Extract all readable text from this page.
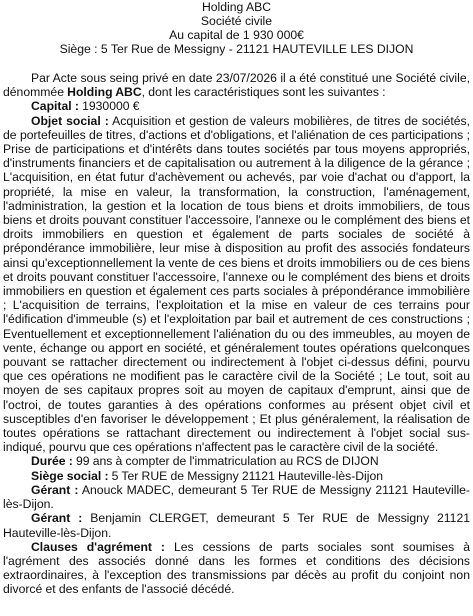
Holding ABC
Société civile
Au capital de 1 930 000€
Siège : 5 Ter Rue de Messigny - 21121 HAUTEVILLE LES DIJON

Par Acte sous seing privé en date 23/07/2026 il a été constitué une Société civile, dénommée Holding ABC, dont les caractéristiques sont les suivantes :

Capital : 1930000 €

Objet social : Acquisition et gestion de valeurs mobilières, de titres de sociétés, de portefeuilles de titres, d'actions et d'obligations, et l'aliénation de ces participations ; Prise de participations et d'intérêts dans toutes sociétés par tous moyens appropriés, d'instruments financiers et de capitalisation ou autrement à la diligence de la gérance ; L'acquisition, en état futur d'achèvement ou achevés, par voie d'achat ou d'apport, la propriété, la mise en valeur, la transformation, la construction, l'aménagement, l'administration, la gestion et la location de tous biens et droits immobiliers, de tous biens et droits pouvant constituer l'accessoire, l'annexe ou le complément des biens et droits immobiliers en question et également de parts sociales de société à prépondérance immobilière, leur mise à disposition au profit des associés fondateurs ainsi qu'exceptionnellement la vente de ces biens et droits immobiliers ou de ces biens et droits pouvant constituer l'accessoire, l'annexe ou le complément des biens et droits immobiliers en question et également ces parts sociales à prépondérance immobilière ; L'acquisition de terrains, l'exploitation et la mise en valeur de ces terrains pour l'édification d'immeuble (s) et l'exploitation par bail et autrement de ces constructions ; Eventuellement et exceptionnellement l'aliénation du ou des immeubles, au moyen de vente, échange ou apport en société, et généralement toutes opérations quelconques pouvant se rattacher directement ou indirectement à l'objet ci-dessus défini, pourvu que ces opérations ne modifient pas le caractère civil de la Société ; Le tout, soit au moyen de ses capitaux propres soit au moyen de capitaux d'emprunt, ainsi que de l'octroi, de toutes garanties à des opérations conformes au présent objet civil et susceptibles d'en favoriser le développement ; Et plus généralement, la réalisation de toutes opérations se rattachant directement ou indirectement à l'objet social sus-indiqué, pourvu que ces opérations n'affectent pas le caractère civil de la société.

Durée : 99 ans à compter de l'immatriculation au RCS de DIJON

Siège social : 5 Ter RUE de Messigny 21121 Hauteville-lès-Dijon

Gérant : Anouck MADEC, demeurant 5 Ter RUE de Messigny 21121 Hauteville-lès-Dijon.

Gérant : Benjamin CLERGET, demeurant 5 Ter RUE de Messigny 21121 Hauteville-lès-Dijon.

Clauses d'agrément : Les cessions de parts sociales sont soumises à l'agrément des associés donné dans les formes et conditions des décisions extraordinaires, à l'exception des transmissions par décès au profit du conjoint non divorcé et des enfants de l'associé décédé.
